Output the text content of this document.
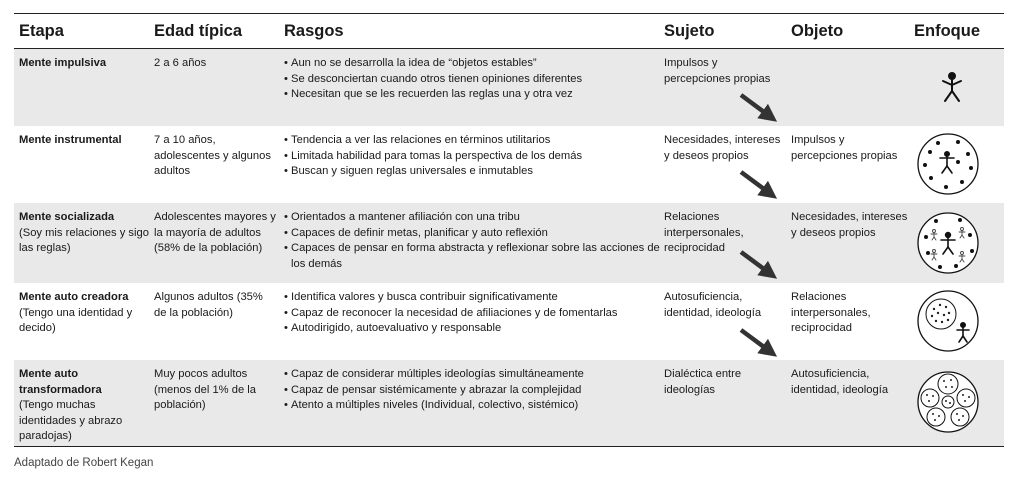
Etapa	Edad típica	Rasgos	Sujeto	Objeto	Enfoque
Mente impulsiva	2 a 6 años
•	Aun no se desarrolla la idea de “objetos estables”
• Se desconciertan cuando otros tienen opiniones diferentes
• Necesitan que se les recuerden las reglas una y otra vez
Impulsos y percepciones propias
Mente instrumental	7 a 10 años, adolescentes y algunos adultos
• Tendencia a ver las relaciones en términos utilitarios
• Limitada habilidad para tomas la perspectiva de los demás
• Buscan y siguen reglas universales e inmutables
Necesidades, intereses y deseos propios
Impulsos y percepciones propias
Mente socializada
(Soy mis relaciones y sigo las reglas)
Adolescentes mayores y la mayoría de adultos (58% de la población)
• Orientados a mantener afiliación con una tribu
• Capaces de definir metas, planificar y auto reflexión
• Capaces de pensar en forma abstracta y reflexionar sobre las acciones de los demás
Relaciones interpersonales, reciprocidad
Necesidades, intereses y deseos propios
Mente auto creadora
(Tengo una identidad y decido)
Algunos adultos (35% de la población)
• Identifica valores y busca contribuir significativamente
• Capaz de reconocer la necesidad de afiliaciones y de fomentarlas
• Autodirigido, autoevaluativo y responsable
Autosuficiencia, identidad, ideología
Relaciones interpersonales, reciprocidad
Mente auto transformadora
(Tengo muchas identidades y abrazo paradojas)
Muy pocos adultos (menos del 1% de la población)
• Capaz de considerar múltiples ideologías simultáneamente
• Capaz de pensar sistémicamente y abrazar la complejidad
• Atento a múltiples niveles (Individual, colectivo, sistémico)
Dialéctica entre ideologías
Autosuficiencia, identidad, ideología
Adaptado de Robert Kegan
